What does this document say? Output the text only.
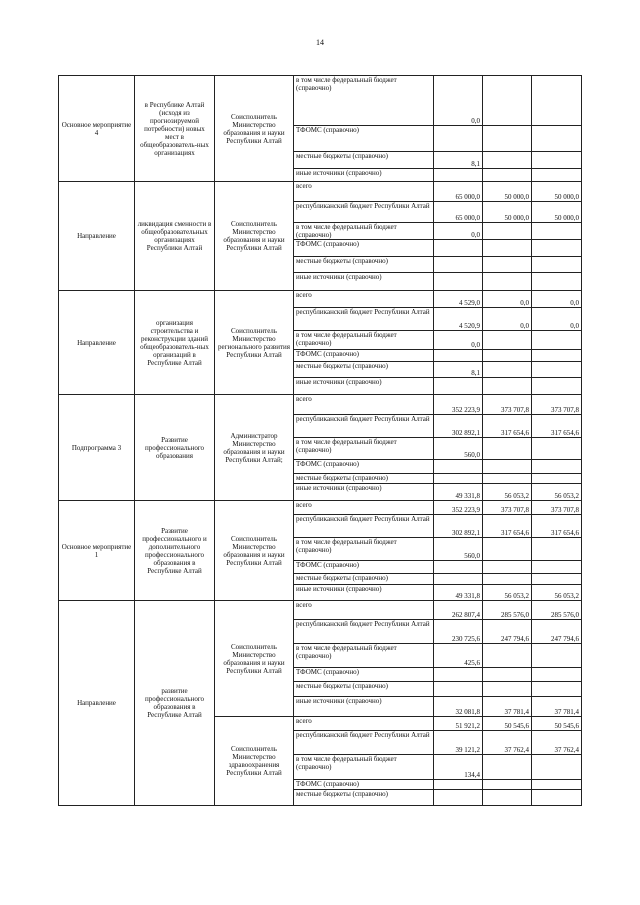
14
Основное мероприятие 4	в Республике Алтай (исходя из прогнозируемой потребности) новых мест в общеобразователь-ных организациях	Соисполнитель Министерство образования и науки Республики Алтай	в том числе федеральный бюджет (справочно)	0,0		
			ТФОМС (справочно)			
			местные бюджеты (справочно)	8,1		
			иные источники (справочно)			
Направление	ликвидация сменности в общеобразовательных организациях Республики Алтай	Соисполнитель Министерство образования и науки Республики Алтай	всего	65 000,0	50 000,0	50 000,0
			республиканский бюджет Республики Алтай	65 000,0	50 000,0	50 000,0
			в том числе федеральный бюджет (справочно)	0,0		
			ТФОМС (справочно)			
			местные бюджеты (справочно)			
			иные источники (справочно)			
Направление	организация строительства и реконструкции зданий общеобразователь-ных организаций в Республике Алтай	Соисполнитель Министерство регионального развития Республики Алтай	всего	4 529,0	0,0	0,0
			республиканский бюджет Республики Алтай	4 520,9	0,0	0,0
			в том числе федеральный бюджет (справочно)	0,0		
			ТФОМС (справочно)			
			местные бюджеты (справочно)	8,1		
			иные источники (справочно)			
Подпрограмма 3	Развитие профессионального образования	Администратор Министерство образования и науки Республики Алтай;	всего	352 223,9	373 707,8	373 707,8
			республиканский бюджет Республики Алтай	302 892,1	317 654,6	317 654,6
			в том числе федеральный бюджет (справочно)	560,0		
			ТФОМС (справочно)			
			местные бюджеты (справочно)			
			иные источники (справочно)	49 331,8	56 053,2	56 053,2
Основное мероприятие 1	Развитие профессионального и дополнительного профессионального образования в Республике Алтай	Соисполнитель Министерство образования и науки Республики Алтай	всего	352 223,9	373 707,8	373 707,8
			республиканский бюджет Республики Алтай	302 892,1	317 654,6	317 654,6
			в том числе федеральный бюджет (справочно)	560,0		
			ТФОМС (справочно)			
			местные бюджеты (справочно)			
			иные источники (справочно)	49 331,8	56 053,2	56 053,2
Направление	развитие профессионального образования в Республике Алтай	Соисполнитель Министерство образования и науки Республики Алтай	всего	262 807,4	285 576,0	285 576,0
			республиканский бюджет Республики Алтай	230 725,6	247 794,6	247 794,6
			в том числе федеральный бюджет (справочно)	425,6		
			ТФОМС (справочно)			
			местные бюджеты (справочно)			
			иные источники (справочно)	32 081,8	37 781,4	37 781,4
		Соисполнитель Министерство здравоохранения Республики Алтай	всего	51 921,2	50 545,6	50 545,6
			республиканский бюджет Республики Алтай	39 121,2	37 762,4	37 762,4
			в том числе федеральный бюджет (справочно)	134,4		
			ТФОМС (справочно)			
			местные бюджеты (справочно)			
